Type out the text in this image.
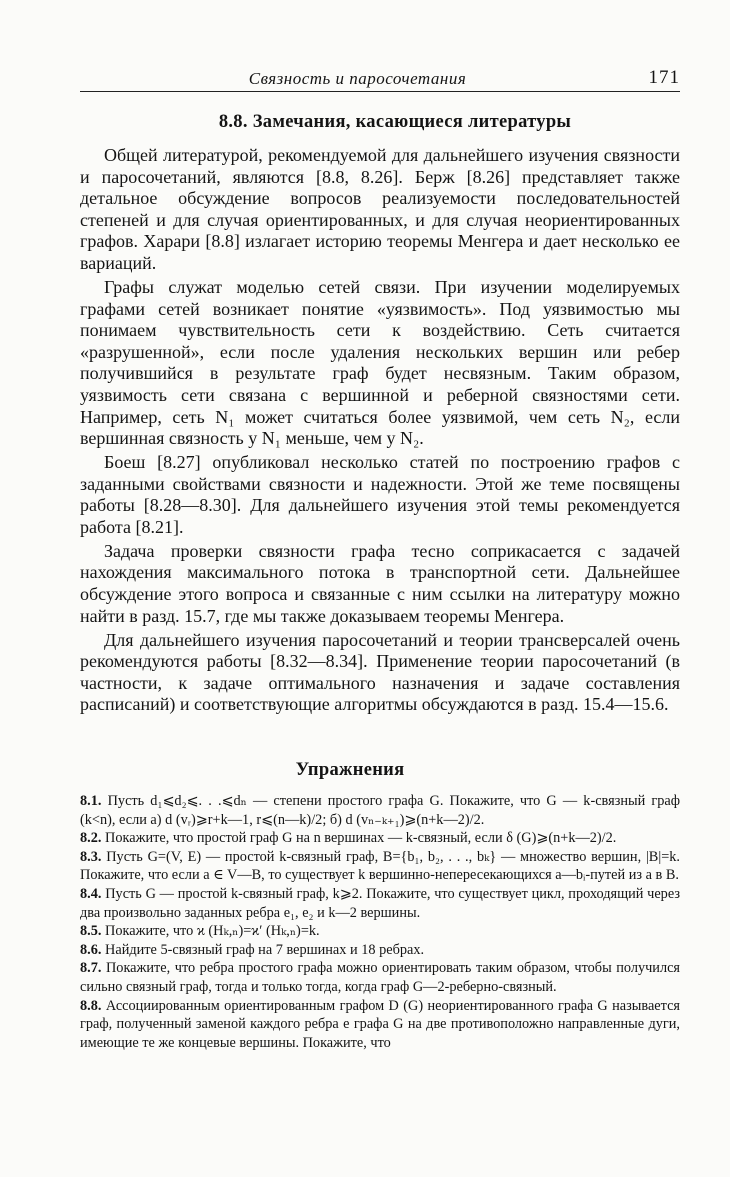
Связность и паросочетания	171
8.8. Замечания, касающиеся литературы

Общей литературой, рекомендуемой для дальнейшего изучения связности и паросочетаний, являются [8.8, 8.26]. Берж [8.26] представляет также детальное обсуждение вопросов реализуемости последовательностей степеней и для случая ориентированных, и для случая неориентированных графов. Харари [8.8] излагает историю теоремы Менгера и дает несколько ее вариаций.

Графы служат моделью сетей связи. При изучении моделируемых графами сетей возникает понятие «уязвимость». Под уязвимостью мы понимаем чувствительность сети к воздействию. Сеть считается «разрушенной», если после удаления нескольких вершин или ребер получившийся в результате граф будет несвязным. Таким образом, уязвимость сети связана с вершинной и реберной связностями сети. Например, сеть N₁ может считаться более уязвимой, чем сеть N₂, если вершинная связность у N₁ меньше, чем у N₂.

Боеш [8.27] опубликовал несколько статей по построению графов с заданными свойствами связности и надежности. Этой же теме посвящены работы [8.28—8.30]. Для дальнейшего изучения этой темы рекомендуется работа [8.21].

Задача проверки связности графа тесно соприкасается с задачей нахождения максимального потока в транспортной сети. Дальнейшее обсуждение этого вопроса и связанные с ним ссылки на литературу можно найти в разд. 15.7, где мы также доказываем теоремы Менгера.

Для дальнейшего изучения паросочетаний и теории трансверсалей очень рекомендуются работы [8.32—8.34]. Применение теории паросочетаний (в частности, к задаче оптимального назначения и задаче составления расписаний) и соответствующие алгоритмы обсуждаются в разд. 15.4—15.6.

Упражнения

8.1. Пусть d₁⩽d₂⩽. . .⩽dₙ — степени простого графа G. Покажите, что G — k-связный граф (k<n), если а) d (vᵣ)⩾r+k—1, r⩽(n—k)/2; б) d (vₙ₋ₖ₊₁)⩾(n+k—2)/2.

8.2. Покажите, что простой граф G на n вершинах — k-связный, если δ (G)⩾(n+k—2)/2.

8.3. Пусть G=(V, E) — простой k-связный граф, B={b₁, b₂, . . ., bₖ} — множество вершин, |B|=k. Покажите, что если a ∈ V—B, то существует k вершинно-непересекающихся a—bᵢ-путей из a в B.

8.4. Пусть G — простой k-связный граф, k⩾2. Покажите, что существует цикл, проходящий через два произвольно заданных ребра e₁, e₂ и k—2 вершины.

8.5. Покажите, что ϰ (Hₖ,ₙ)=ϰ′ (Hₖ,ₙ)=k.

8.6. Найдите 5-связный граф на 7 вершинах и 18 ребрах.

8.7. Покажите, что ребра простого графа можно ориентировать таким образом, чтобы получился сильно связный граф, тогда и только тогда, когда граф G—2-реберно-связный.

8.8. Ассоциированным ориентированным графом D (G) неориентированного графа G называется граф, полученный заменой каждого ребра e графа G на две противоположно направленные дуги, имеющие те же концевые вершины. Покажите, что
